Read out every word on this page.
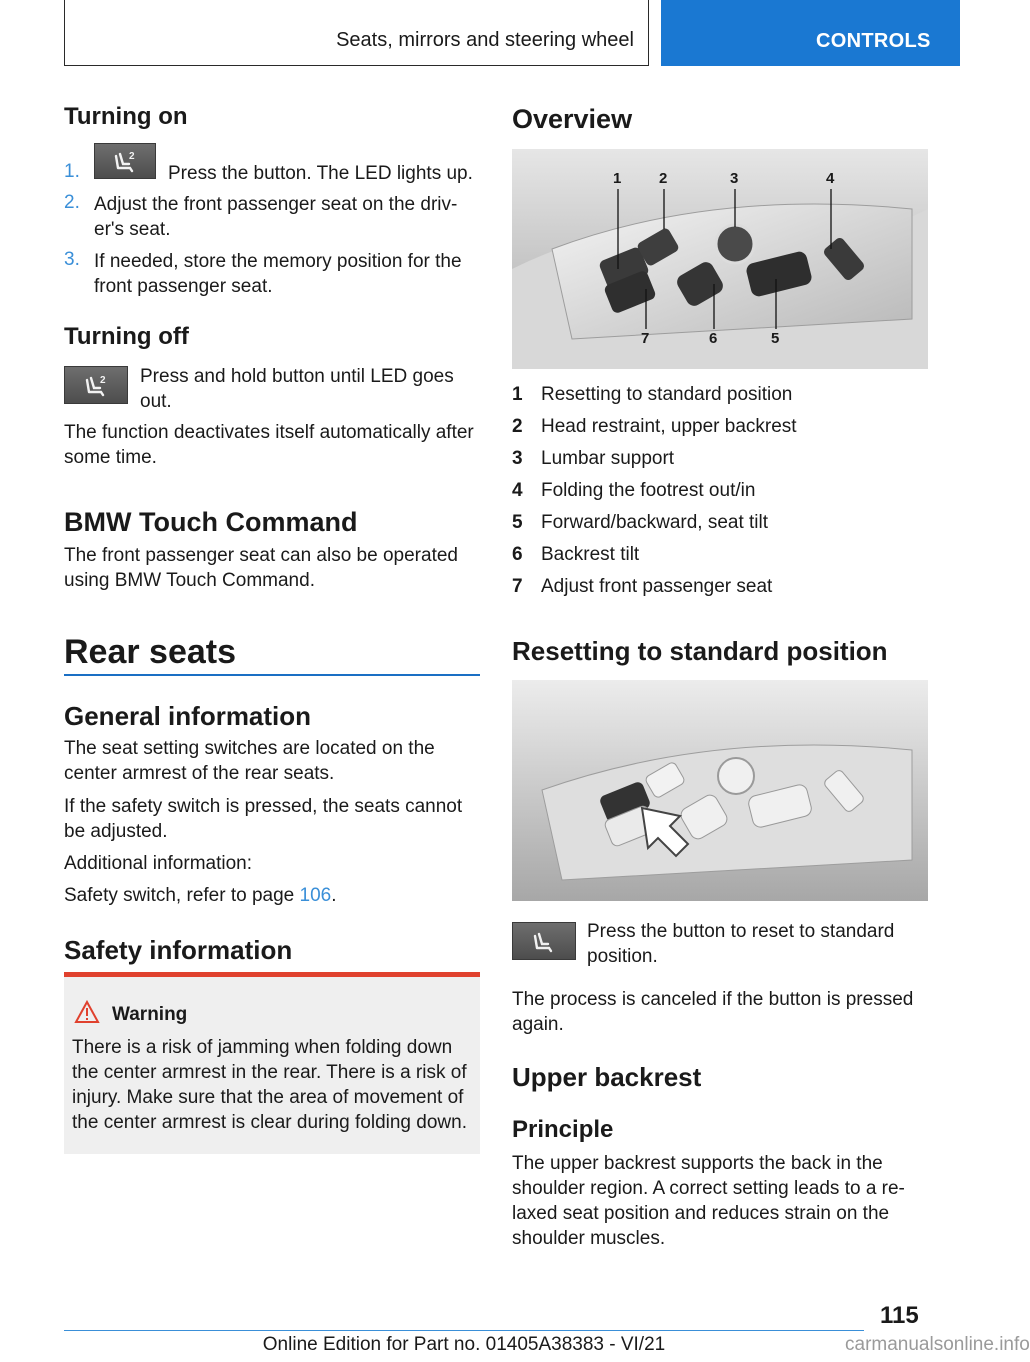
Seats, mirrors and steering wheel	CONTROLS
Turning on
1.
2
Press the button. The LED lights up.
2. Adjust the front passenger seat on the driv-
er's seat.
3. If needed, store the memory position for the
front passenger seat.
Turning off
2 Press and hold button until LED goes
out.
The function deactivates itself automatically after
some time.
BMW Touch Command
The front passenger seat can also be operated
using BMW Touch Command.
Rear seats
General information
The seat setting switches are located on the
center armrest of the rear seats.
If the safety switch is pressed, the seats cannot
be adjusted.
Additional information:
Safety switch, refer to page 106.
Safety information
Warning
There is a risk of jamming when folding down
the center armrest in the rear. There is a risk of
injury. Make sure that the area of movement of
the center armrest is clear during folding down.
Overview
1	2	3	4
7	6	5
1 Resetting to standard position
2 Head restraint, upper backrest
3 Lumbar support
4 Folding the footrest out/in
5 Forward/backward, seat tilt
6 Backrest tilt
7 Adjust front passenger seat
Resetting to standard position
Press the button to reset to standard
position.
The process is canceled if the button is pressed
again.
Upper backrest
Principle
The upper backrest supports the back in the
shoulder region. A correct setting leads to a re-
laxed seat position and reduces strain on the
shoulder muscles.
115
Online Edition for Part no. 01405A38383 - VI/21	carmanualsonline.info
